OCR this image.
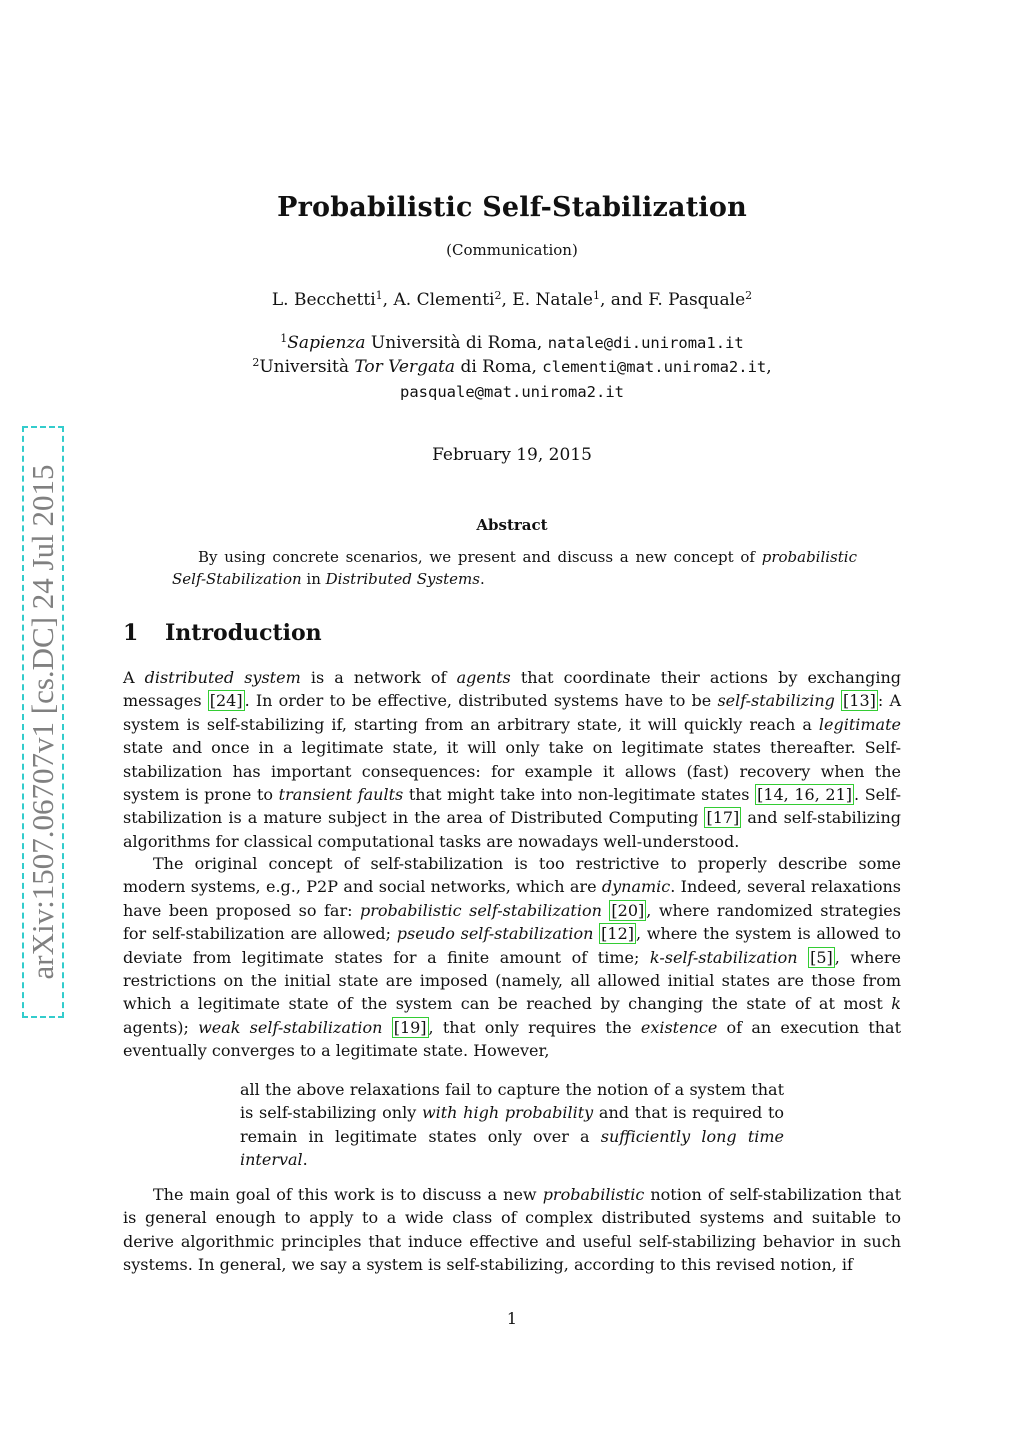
arXiv:1507.06707v1 [cs.DC] 24 Jul 2015
Probabilistic Self-Stabilization
(Communication)
L. Becchetti$^1$, A. Clementi$^2$, E. Natale$^1$, and F. Pasquale$^2$
$^1$Sapienza Università di Roma, natale@di.uniroma1.it
$^2$Università Tor Vergata di Roma, clementi@mat.uniroma2.it,
pasquale@mat.uniroma2.it
February 19, 2015
Abstract
By using concrete scenarios, we present and discuss a new concept of probabilistic Self-Stabilization in Distributed Systems.
1 Introduction
A distributed system is a network of agents that coordinate their actions by exchanging messages [24] . In order to be effective, distributed systems have to be self-stabilizing [13] : A system is self-stabilizing if, starting from an arbitrary state, it will quickly reach a legitimate state and once in a legitimate state, it will only take on legitimate states thereafter. Self-stabilization has important consequences: for example it allows (fast) recovery when the system is prone to transient faults that might take into non-legitimate states [14, 16, 21] . Self-stabilization is a mature subject in the area of Distributed Computing [17] and self-stabilizing algorithms for classical computational tasks are nowadays well-understood.
The original concept of self-stabilization is too restrictive to properly describe some modern systems, e.g., P2P and social networks, which are dynamic. Indeed, several relaxations have been proposed so far: probabilistic self-stabilization [20] , where randomized strategies for self-stabilization are allowed; pseudo self-stabilization [12] , where the system is allowed to deviate from legitimate states for a finite amount of time; k-self-stabilization [5] , where restrictions on the initial state are imposed (namely, all allowed initial states are those from which a legitimate state of the system can be reached by changing the state of at most k agents); weak self-stabilization [19] , that only requires the existence of an execution that eventually converges to a legitimate state. However,
all the above relaxations fail to capture the notion of a system that is self-stabilizing only with high probability and that is required to remain in legitimate states only over a sufficiently long time interval.
The main goal of this work is to discuss a new probabilistic notion of self-stabilization that is general enough to apply to a wide class of complex distributed systems and suitable to derive algorithmic principles that induce effective and useful self-stabilizing behavior in such systems. In general, we say a system is self-stabilizing, according to this revised notion, if
1
